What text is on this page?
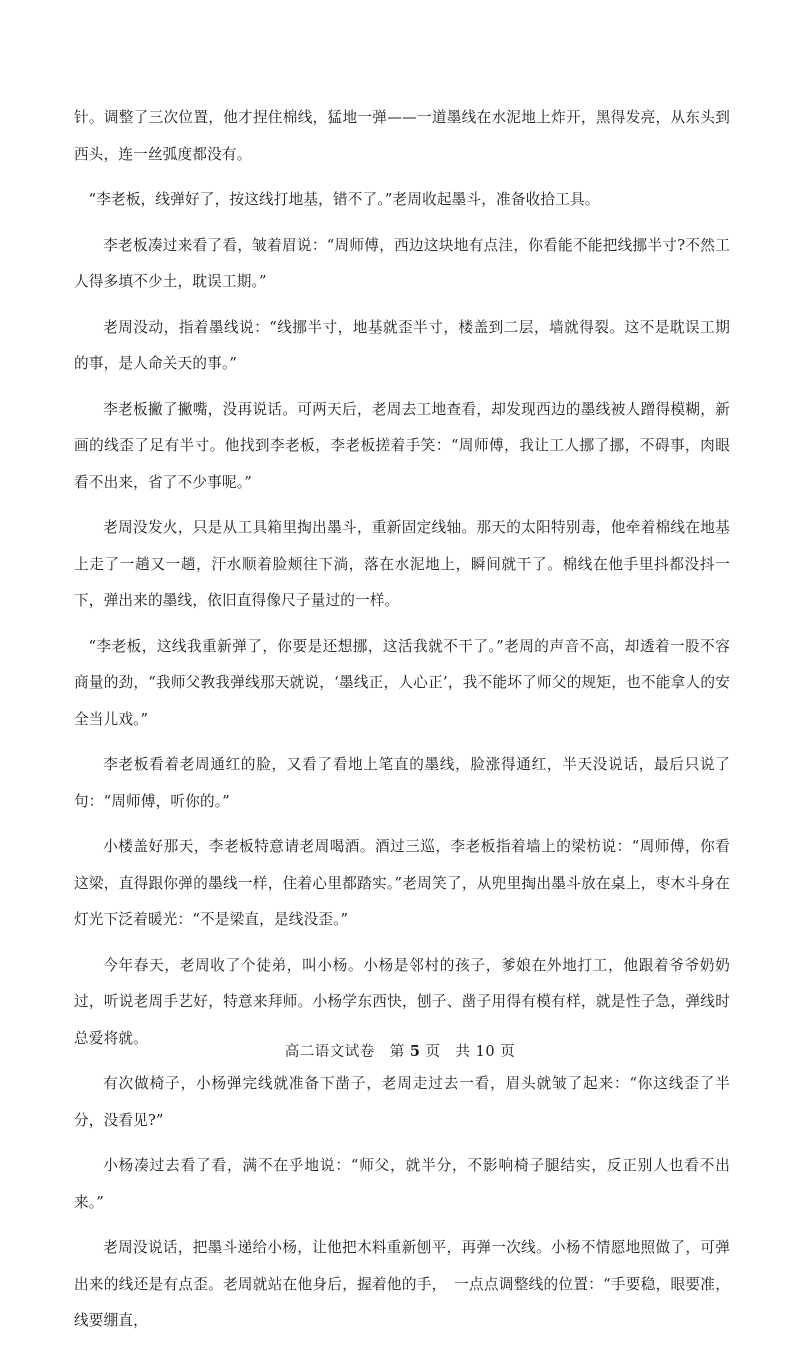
针。调整了三次位置，他才捏住棉线，猛地一弹——一道墨线在水泥地上炸开，黑得发亮，从东头到西头，连一丝弧度都没有。

“李老板，线弹好了，按这线打地基，错不了。”老周收起墨斗，准备收拾工具。

李老板凑过来看了看，皱着眉说：“周师傅，西边这块地有点洼，你看能不能把线挪半寸?不然工人得多填不少土，耽误工期。”

老周没动，指着墨线说：“线挪半寸，地基就歪半寸，楼盖到二层，墙就得裂。这不是耽误工期的事，是人命关天的事。”

李老板撇了撇嘴，没再说话。可两天后，老周去工地查看，却发现西边的墨线被人蹭得模糊，新画的线歪了足有半寸。他找到李老板，李老板搓着手笑：“周师傅，我让工人挪了挪，不碍事，肉眼看不出来，省了不少事呢。”

老周没发火，只是从工具箱里掏出墨斗，重新固定线轴。那天的太阳特别毒，他牵着棉线在地基上走了一趟又一趟，汗水顺着脸颊往下淌，落在水泥地上，瞬间就干了。棉线在他手里抖都没抖一下，弹出来的墨线，依旧直得像尺子量过的一样。

“李老板，这线我重新弹了，你要是还想挪，这活我就不干了。”老周的声音不高，却透着一股不容商量的劲，“我师父教我弹线那天就说，‘墨线正，人心正’，我不能坏了师父的规矩，也不能拿人的安全当儿戏。”

李老板看着老周通红的脸，又看了看地上笔直的墨线，脸涨得通红，半天没说话，最后只说了句：“周师傅，听你的。”

小楼盖好那天，李老板特意请老周喝酒。酒过三巡，李老板指着墙上的梁枋说：“周师傅，你看这梁，直得跟你弹的墨线一样，住着心里都踏实。”老周笑了，从兜里掏出墨斗放在桌上，枣木斗身在灯光下泛着暖光：“不是梁直，是线没歪。”

今年春天，老周收了个徒弟，叫小杨。小杨是邻村的孩子，爹娘在外地打工，他跟着爷爷奶奶过，听说老周手艺好，特意来拜师。小杨学东西快，刨子、凿子用得有模有样，就是性子急，弹线时总爱将就。

有次做椅子，小杨弹完线就准备下凿子，老周走过去一看，眉头就皱了起来：“你这线歪了半分，没看见?”

小杨凑过去看了看，满不在乎地说：“师父，就半分，不影响椅子腿结实，反正别人也看不出来。”

老周没说话，把墨斗递给小杨，让他把木料重新刨平，再弹一次线。小杨不情愿地照做了，可弹出来的线还是有点歪。老周就站在他身后，握着他的手，　一点点调整线的位置：“手要稳，眼要准，线要绷直，

高二语文试卷　第 5 页　共 10 页
